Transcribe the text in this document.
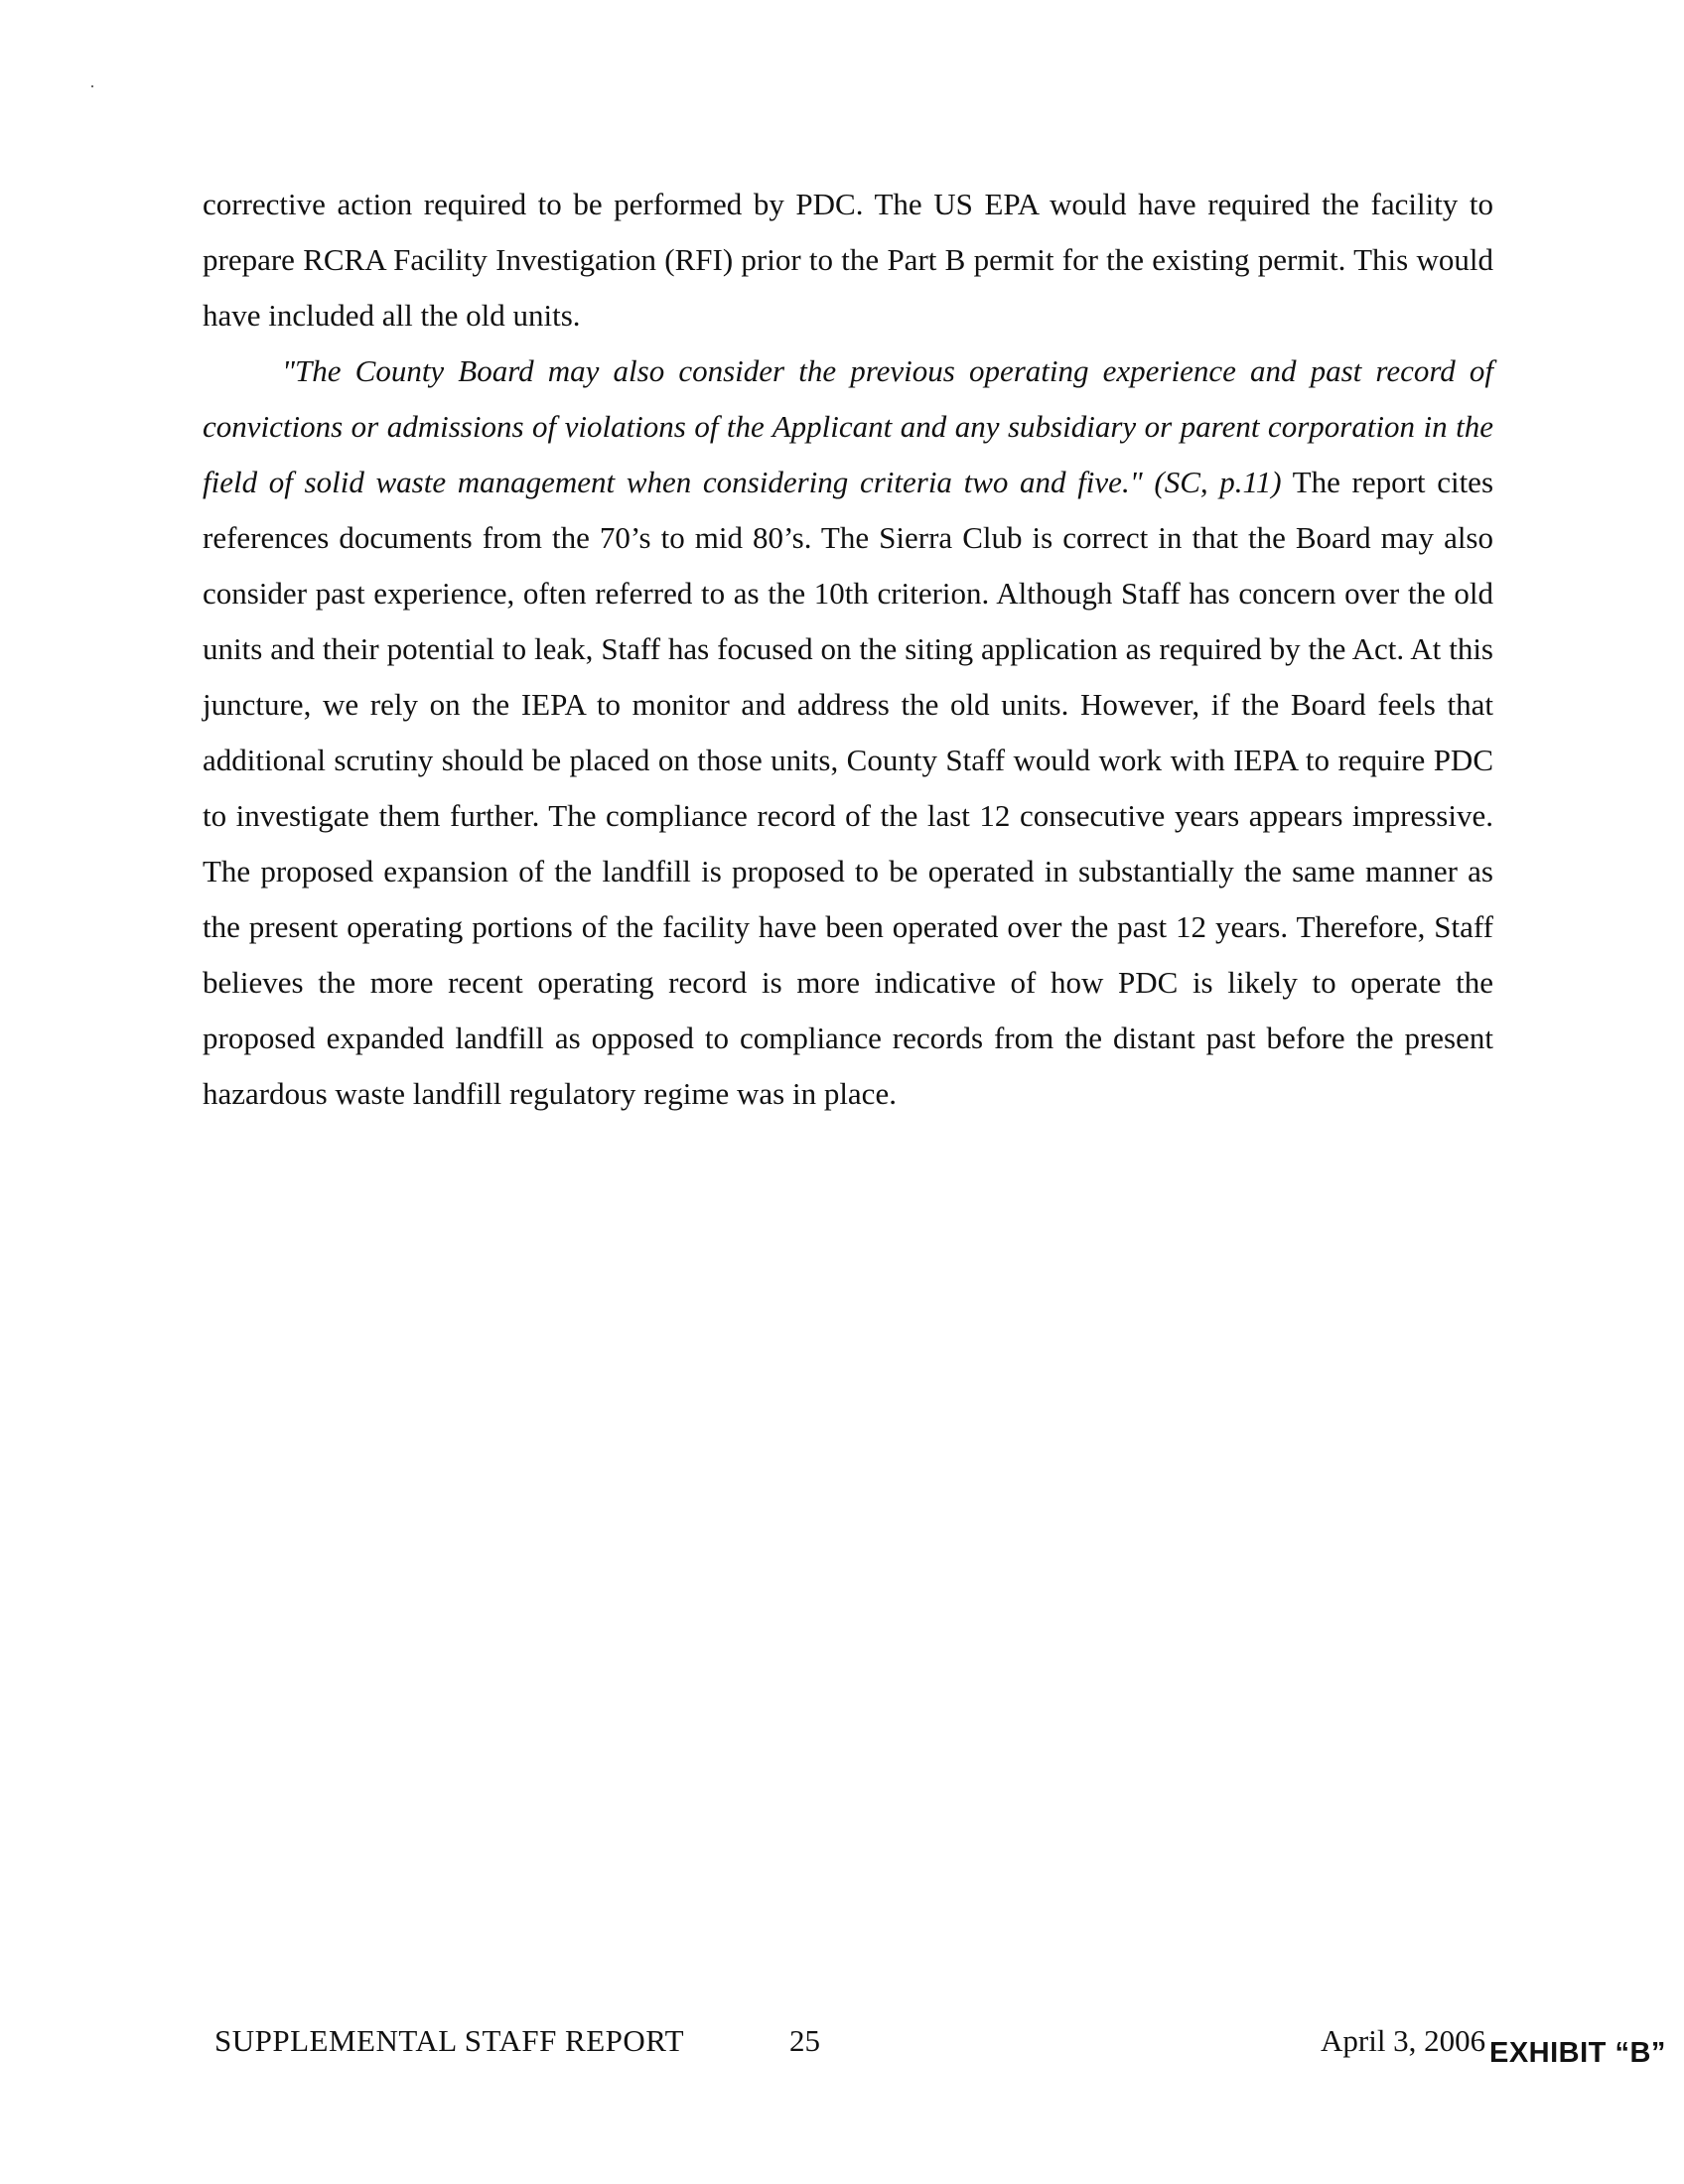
corrective action required to be performed by PDC. The US EPA would have required the facility to prepare RCRA Facility Investigation (RFI) prior to the Part B permit for the existing permit. This would have included all the old units.

"The County Board may also consider the previous operating experience and past record of convictions or admissions of violations of the Applicant and any subsidiary or parent corporation in the field of solid waste management when considering criteria two and five." (SC, p.11) The report cites references documents from the 70’s to mid 80’s. The Sierra Club is correct in that the Board may also consider past experience, often referred to as the 10th criterion. Although Staff has concern over the old units and their potential to leak, Staff has focused on the siting application as required by the Act. At this juncture, we rely on the IEPA to monitor and address the old units. However, if the Board feels that additional scrutiny should be placed on those units, County Staff would work with IEPA to require PDC to investigate them further. The compliance record of the last 12 consecutive years appears impressive. The proposed expansion of the landfill is proposed to be operated in substantially the same manner as the present operating portions of the facility have been operated over the past 12 years. Therefore, Staff believes the more recent operating record is more indicative of how PDC is likely to operate the proposed expanded landfill as opposed to compliance records from the distant past before the present hazardous waste landfill regulatory regime was in place.

SUPPLEMENTAL STAFF REPORT	25	April 3, 2006 EXHIBIT “B”
